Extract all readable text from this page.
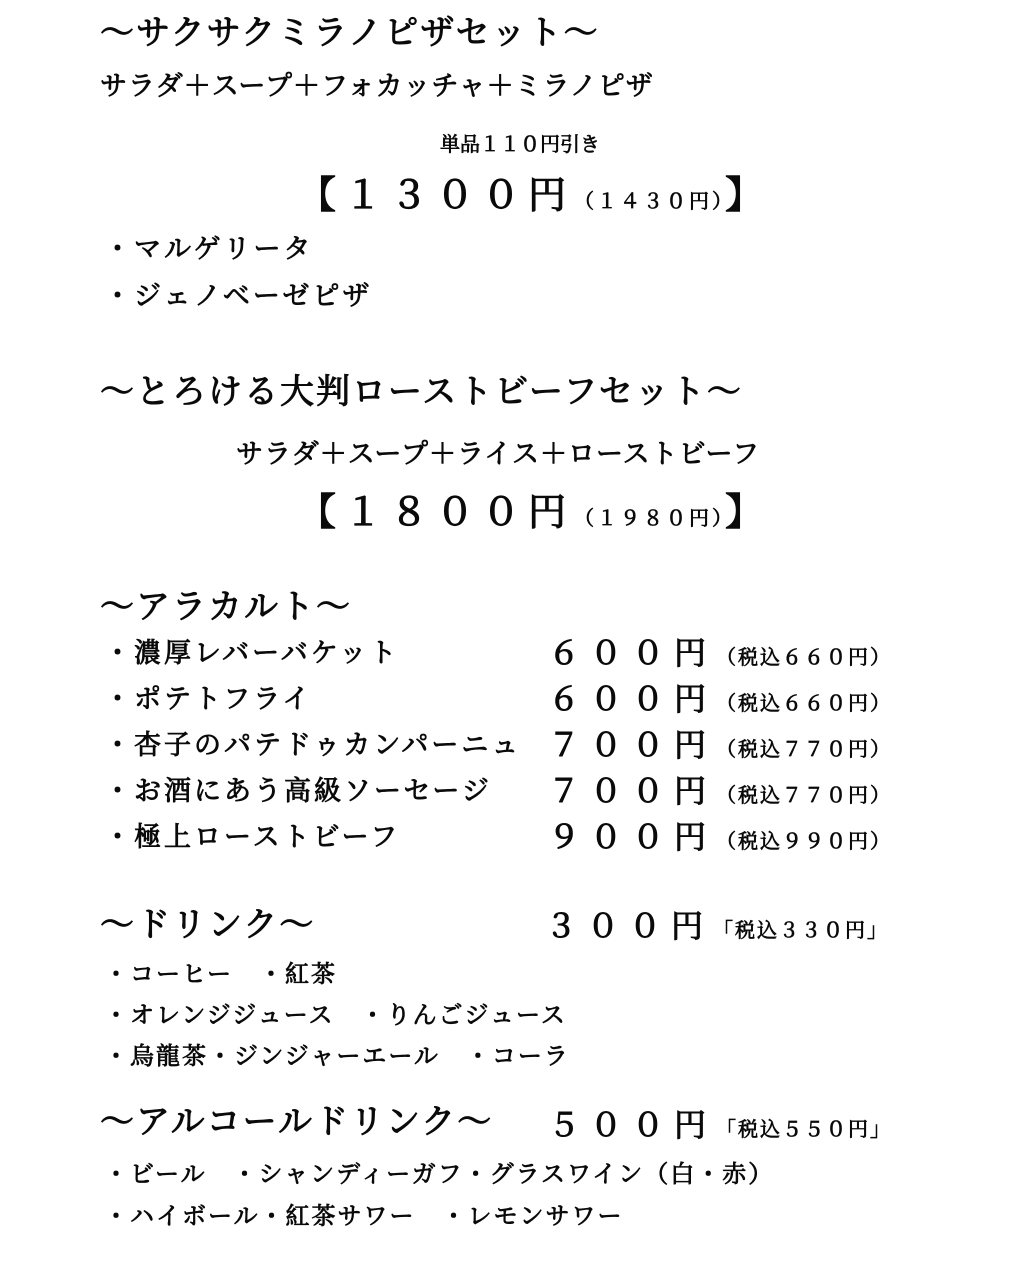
〜サクサクミラノピザセット〜
サラダ＋スープ＋フォカッチャ＋ミラノピザ
単品１１０円引き
【１３００円（１４３０円）】
・マルゲリータ
・ジェノベーゼピザ
〜とろける大判ローストビーフセット〜
サラダ＋スープ＋ライス＋ローストビーフ
【１８００円（１９８０円）】
〜アラカルト〜
・濃厚レバーバケット	６００円（税込６６０円）
・ポテトフライ	６００円（税込６６０円）
・杏子のパテドゥカンパーニュ ７００円（税込７７０円）
・お酒にあう高級ソーセージ ７００円（税込７７０円）
・極上ローストビーフ	９００円（税込９９０円）
〜ドリンク〜	３００円「税込３３０円」
・コーヒー　・紅茶
・オレンジジュース　・りんごジュース
・烏龍茶・ジンジャーエール　・コーラ
〜アルコールドリンク〜 ５００円「税込５５０円」
・ビール　・シャンディーガフ・グラスワイン（白・赤）
・ハイボール・紅茶サワー　・レモンサワー
